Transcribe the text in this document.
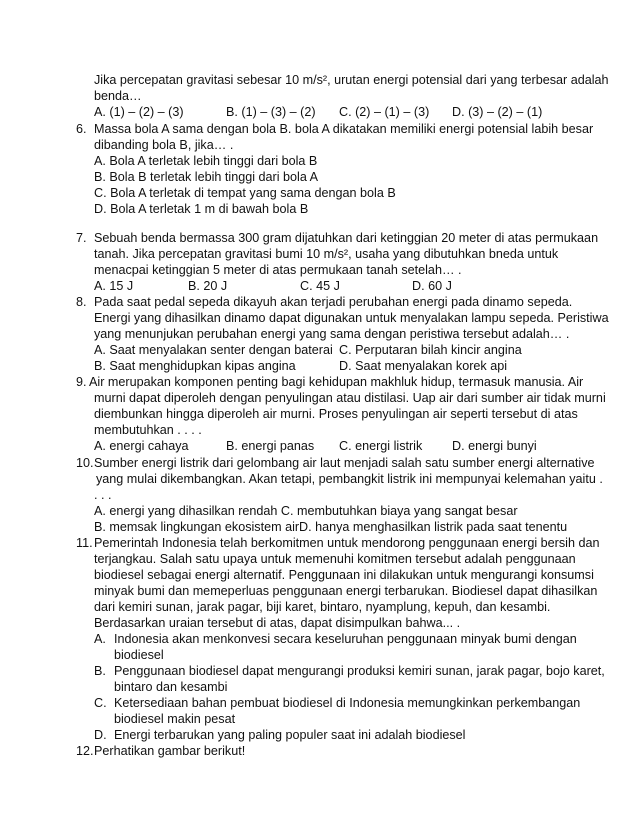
Jika percepatan gravitasi sebesar 10 m/s², urutan energi potensial dari yang terbesar adalah
benda…
A. (1) – (2) – (3)	B. (1) – (3) – (2) C. (2) – (1) – (3) D. (3) – (2) – (1)
6. Massa bola A sama dengan bola B. bola A dikatakan memiliki energi potensial labih besar
dibanding bola B, jika… .
A. Bola A terletak lebih tinggi dari bola B
B. Bola B terletak lebih tinggi dari bola A
C. Bola A terletak di tempat yang sama dengan bola B
D. Bola A terletak 1 m di bawah bola B
7. Sebuah benda bermassa 300 gram dijatuhkan dari ketinggian 20 meter di atas permukaan
tanah. Jika percepatan gravitasi bumi 10 m/s², usaha yang dibutuhkan bneda untuk
menacpai ketinggian 5 meter di atas permukaan tanah setelah… .
A. 15 J	B. 20 J	C. 45 J	D. 60 J
8. Pada saat pedal sepeda dikayuh akan terjadi perubahan energi pada dinamo sepeda.
Energi yang dihasilkan dinamo dapat digunakan untuk menyalakan lampu sepeda. Peristiwa
yang menunjukan perubahan energi yang sama dengan peristiwa tersebut adalah… .
A. Saat menyalakan senter dengan baterai C. Perputaran bilah kincir angina
B. Saat menghidupkan kipas angina	D. Saat menyalakan korek api
9. Air merupakan komponen penting bagi kehidupan makhluk hidup, termasuk manusia. Air
murni dapat diperoleh dengan penyulingan atau distilasi. Uap air dari sumber air tidak murni
diembunkan hingga diperoleh air murni. Proses penyulingan air seperti tersebut di atas
membutuhkan . . . .
A. energi cahaya	B. energi panas C. energi listrik D. energi bunyi
10. Sumber energi listrik dari gelombang air laut menjadi salah satu sumber energi alternative
yang mulai dikembangkan. Akan tetapi, pembangkit listrik ini mempunyai kelemahan yaitu .
. . .
A. energi yang dihasilkan rendah C. membutuhkan biaya yang sangat besar
B. memsak lingkungan ekosistem air D. hanya menghasilkan listrik pada saat tenentu
11. Pemerintah Indonesia telah berkomitmen untuk mendorong penggunaan energi bersih dan
terjangkau. Salah satu upaya untuk memenuhi komitmen tersebut adalah penggunaan
biodiesel sebagai energi alternatif. Penggunaan ini dilakukan untuk mengurangi konsumsi
minyak bumi dan memeperluas penggunaan energi terbarukan. Biodiesel dapat dihasilkan
dari kemiri sunan, jarak pagar, biji karet, bintaro, nyamplung, kepuh, dan kesambi.
Berdasarkan uraian tersebut di atas, dapat disimpulkan bahwa... .
A. Indonesia akan menkonvesi secara keseluruhan penggunaan minyak bumi dengan
biodiesel
B. Penggunaan biodiesel dapat mengurangi produksi kemiri sunan, jarak pagar, bojo karet,
bintaro dan kesambi
C. Ketersediaan bahan pembuat biodiesel di Indonesia memungkinkan perkembangan
biodiesel makin pesat
D. Energi terbarukan yang paling populer saat ini adalah biodiesel
12. Perhatikan gambar berikut!
